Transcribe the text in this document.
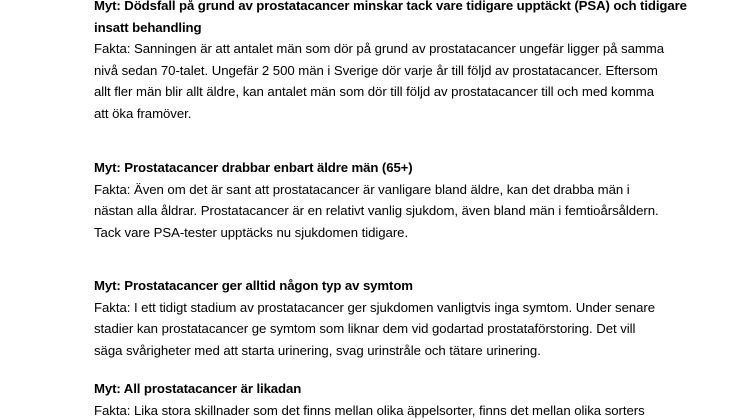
Myt: Dödsfall på grund av prostatacancer minskar tack vare tidigare upptäckt (PSA) och tidigare
insatt behandling

Fakta: Sanningen är att antalet män som dör på grund av prostatacancer ungefär ligger på samma
nivå sedan 70-talet. Ungefär 2 500 män i Sverige dör varje år till följd av prostatacancer. Eftersom
allt fler män blir allt äldre, kan antalet män som dör till följd av prostatacancer till och med komma
att öka framöver.

Myt: Prostatacancer drabbar enbart äldre män (65+)

Fakta: Även om det är sant att prostatacancer är vanligare bland äldre, kan det drabba män i
nästan alla åldrar. Prostatacancer är en relativt vanlig sjukdom, även bland män i femtioårsåldern.
Tack vare PSA-tester upptäcks nu sjukdomen tidigare.

Myt: Prostatacancer ger alltid någon typ av symtom

Fakta: I ett tidigt stadium av prostatacancer ger sjukdomen vanligtvis inga symtom. Under senare
stadier kan prostatacancer ge symtom som liknar dem vid godartad prostataförstoring. Det vill
säga svårigheter med att starta urinering, svag urinstråle och tätare urinering.

Myt: All prostatacancer är likadan

Fakta: Lika stora skillnader som det finns mellan olika äppelsorter, finns det mellan olika sorters
